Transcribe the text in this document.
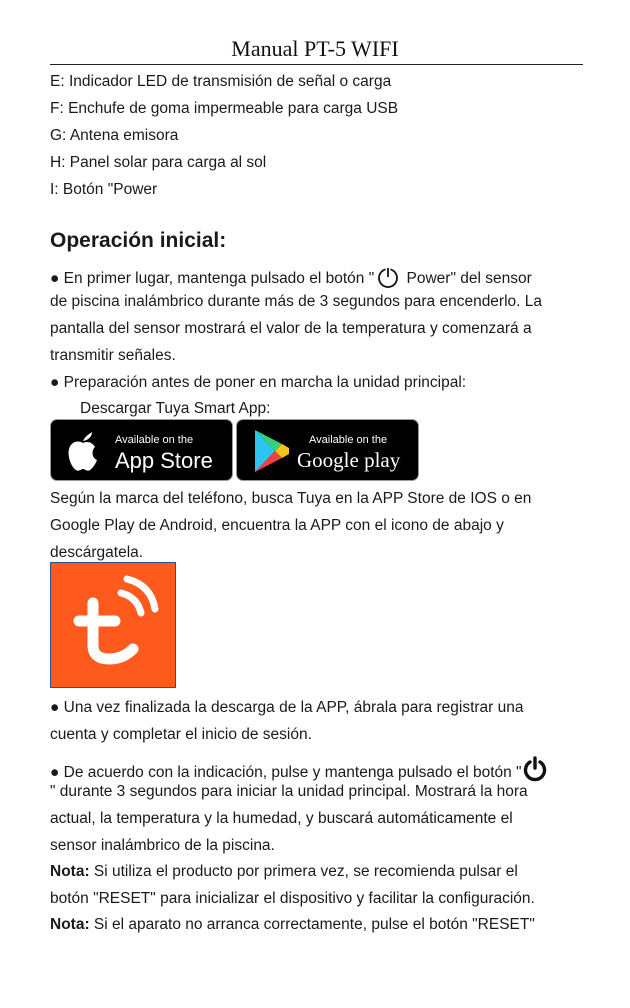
Manual PT-5 WIFI
E: Indicador LED de transmisión de señal o carga
F: Enchufe de goma impermeable para carga USB
G: Antena emisora
H: Panel solar para carga al sol
I: Botón "Power
Operación inicial:
● En primer lugar, mantenga pulsado el botón " Power" del sensor
de piscina inalámbrico durante más de 3 segundos para encenderlo. La
pantalla del sensor mostrará el valor de la temperatura y comenzará a
transmitir señales.
● Preparación antes de poner en marcha la unidad principal:
Descargar Tuya Smart App:
Available on the
App Store
Available on the
Google play
Según la marca del teléfono, busca Tuya en la APP Store de IOS o en
Google Play de Android, encuentra la APP con el icono de abajo y
descárgatela.
● Una vez finalizada la descarga de la APP, ábrala para registrar una
cuenta y completar el inicio de sesión.
● De acuerdo con la indicación, pulse y mantenga pulsado el botón "
" durante 3 segundos para iniciar la unidad principal. Mostrará la hora
actual, la temperatura y la humedad, y buscará automáticamente el
sensor inalámbrico de la piscina.
Nota: Si utiliza el producto por primera vez, se recomienda pulsar el
botón "RESET" para inicializar el dispositivo y facilitar la configuración.
Nota: Si el aparato no arranca correctamente, pulse el botón "RESET"
